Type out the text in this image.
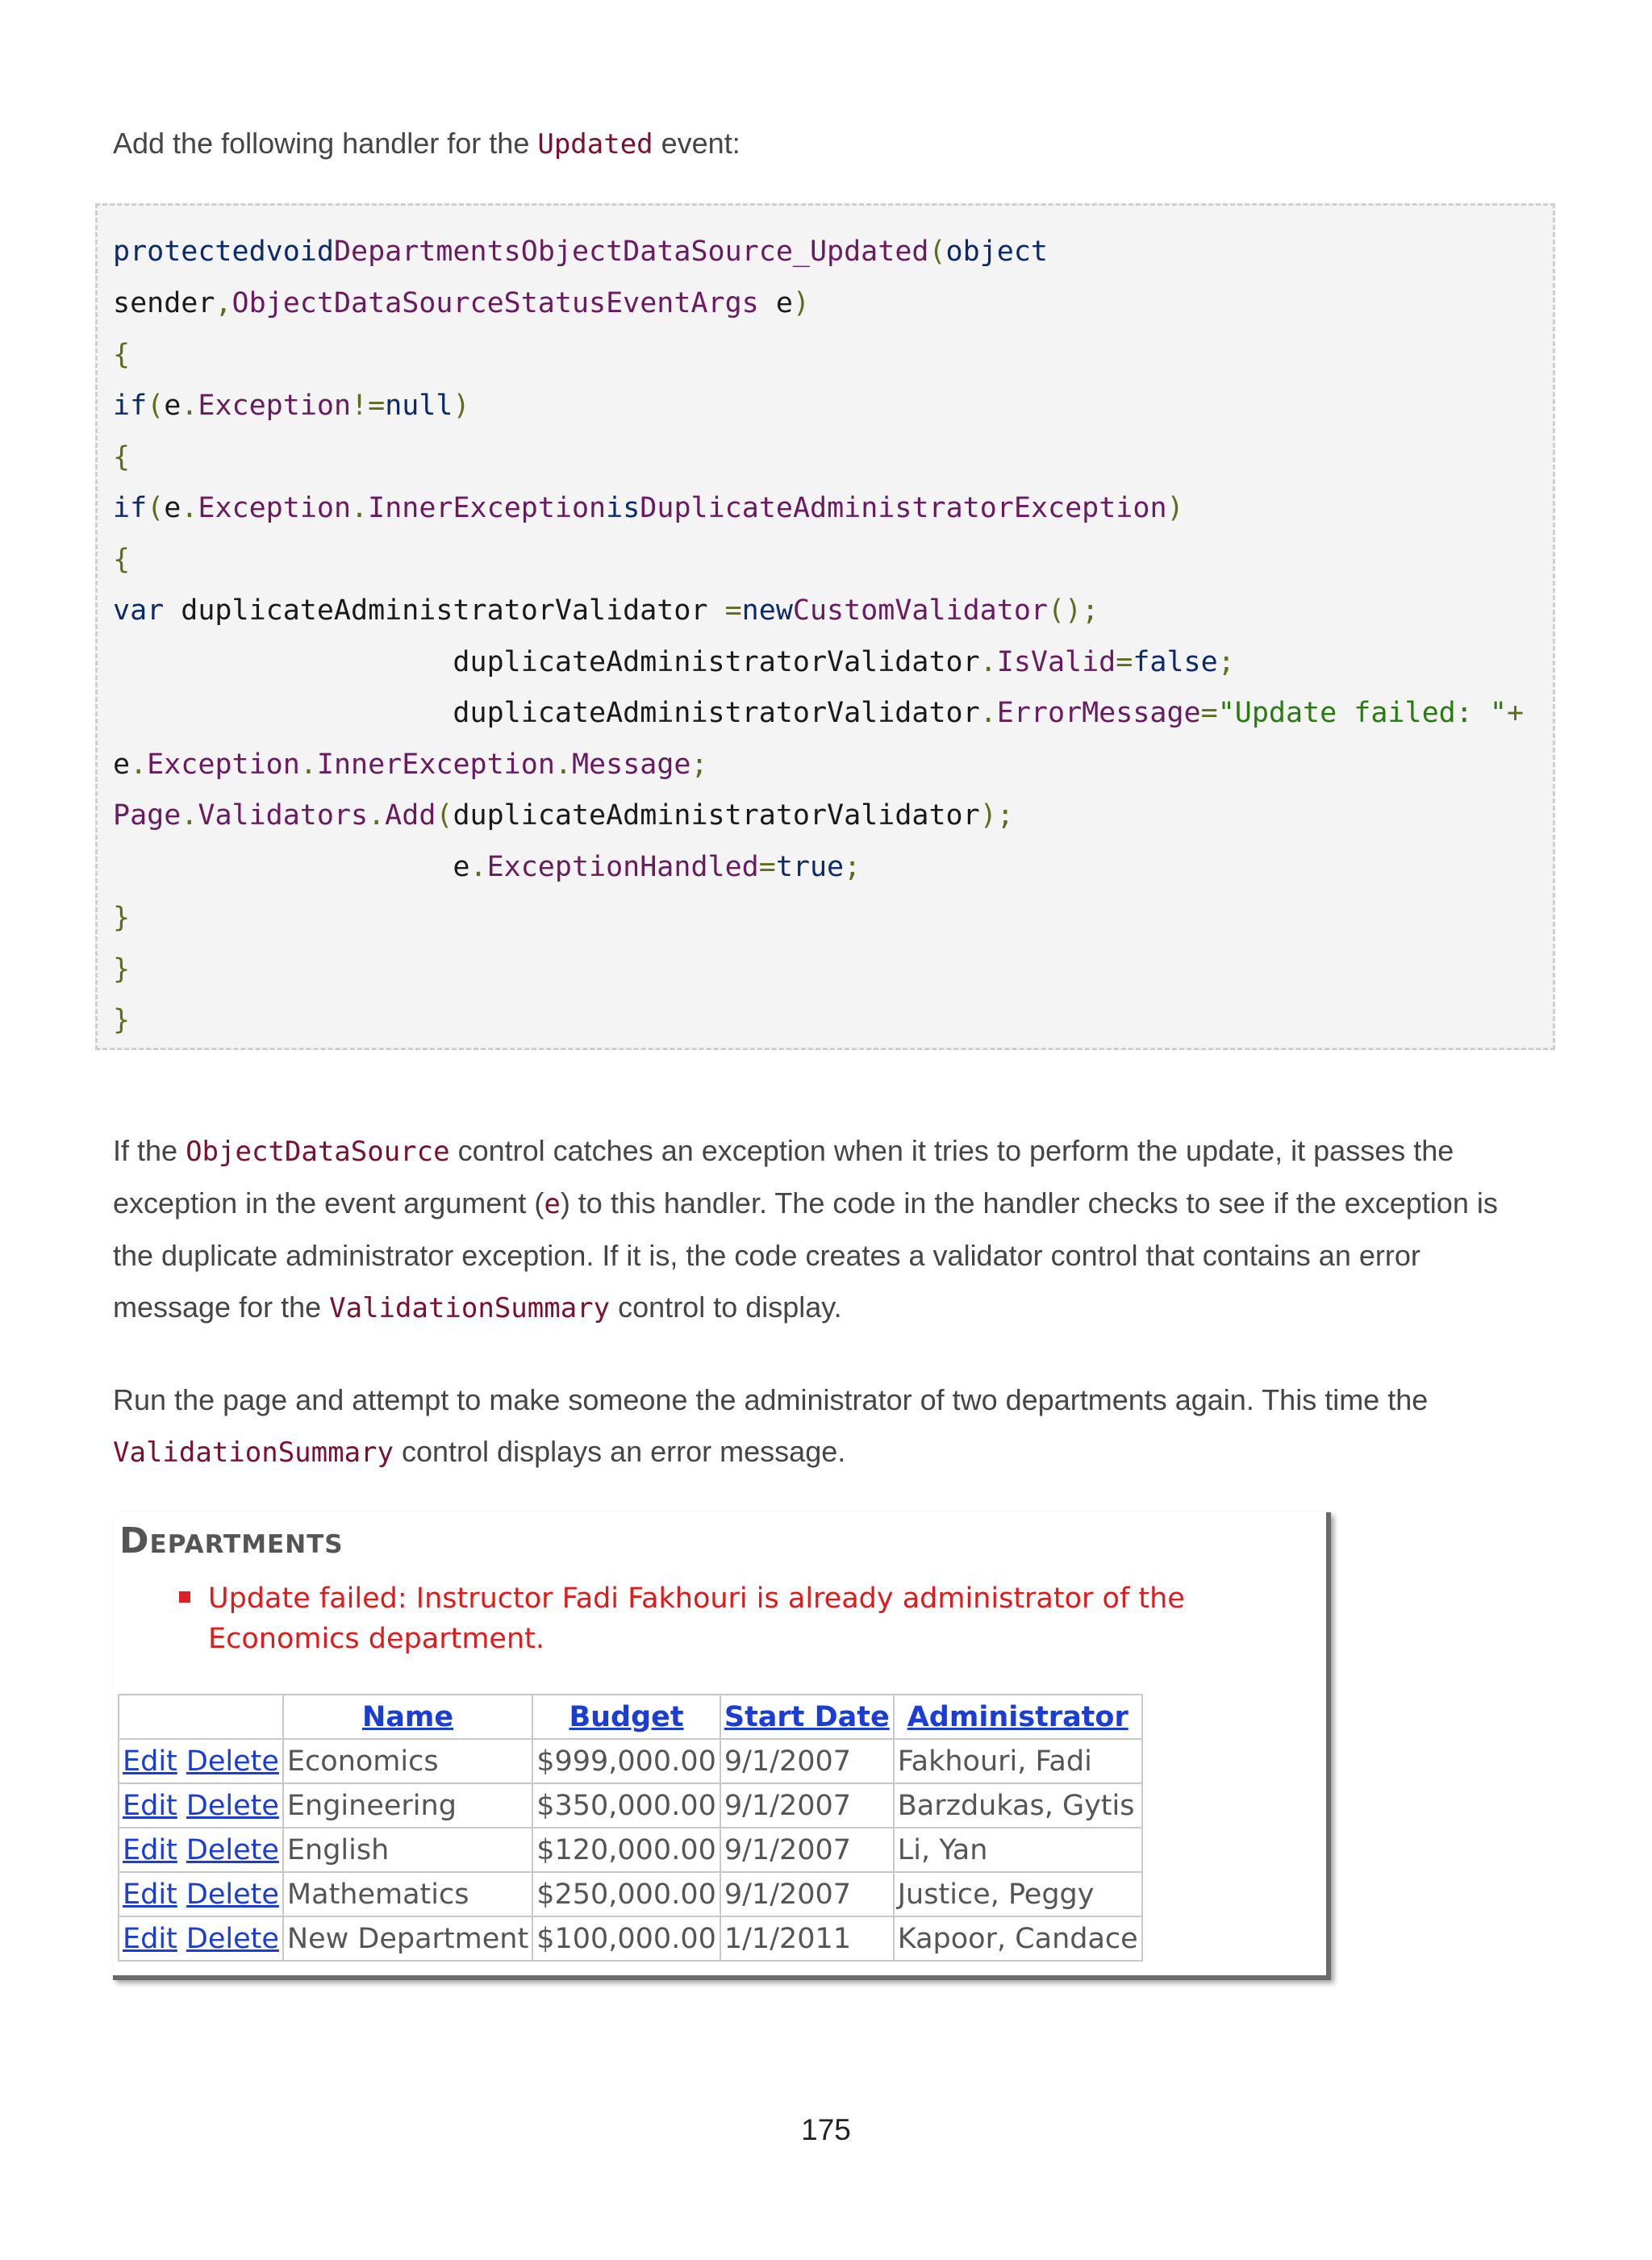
Add the following handler for the Updated event:

protectedvoidDepartmentsObjectDataSource_Updated(object
sender,ObjectDataSourceStatusEventArgs e)
{
if(e.Exception!=null)
{
if(e.Exception.InnerExceptionisDuplicateAdministratorException)
{
var duplicateAdministratorValidator =newCustomValidator();
duplicateAdministratorValidator.IsValid=false;
duplicateAdministratorValidator.ErrorMessage="Update failed: "+
e.Exception.InnerException.Message;
Page.Validators.Add(duplicateAdministratorValidator);
e.ExceptionHandled=true;
}
}
}

If the ObjectDataSource control catches an exception when it tries to perform the update, it passes the exception in the event argument (e) to this handler. The code in the handler checks to see if the exception is the duplicate administrator exception. If it is, the code creates a validator control that contains an error message for the ValidationSummary control to display.

Run the page and attempt to make someone the administrator of two departments again. This time the ValidationSummary control displays an error message.

Departments
Update failed: Instructor Fadi Fakhouri is already administrator of the Economics department.
	Name	Budget	Start Date	Administrator
Edit Delete	Economics	$999,000.00	9/1/2007	Fakhouri, Fadi
Edit Delete	Engineering	$350,000.00	9/1/2007	Barzdukas, Gytis
Edit Delete	English	$120,000.00	9/1/2007	Li, Yan
Edit Delete	Mathematics	$250,000.00	9/1/2007	Justice, Peggy
Edit Delete	New Department	$100,000.00	1/1/2011	Kapoor, Candace
175
